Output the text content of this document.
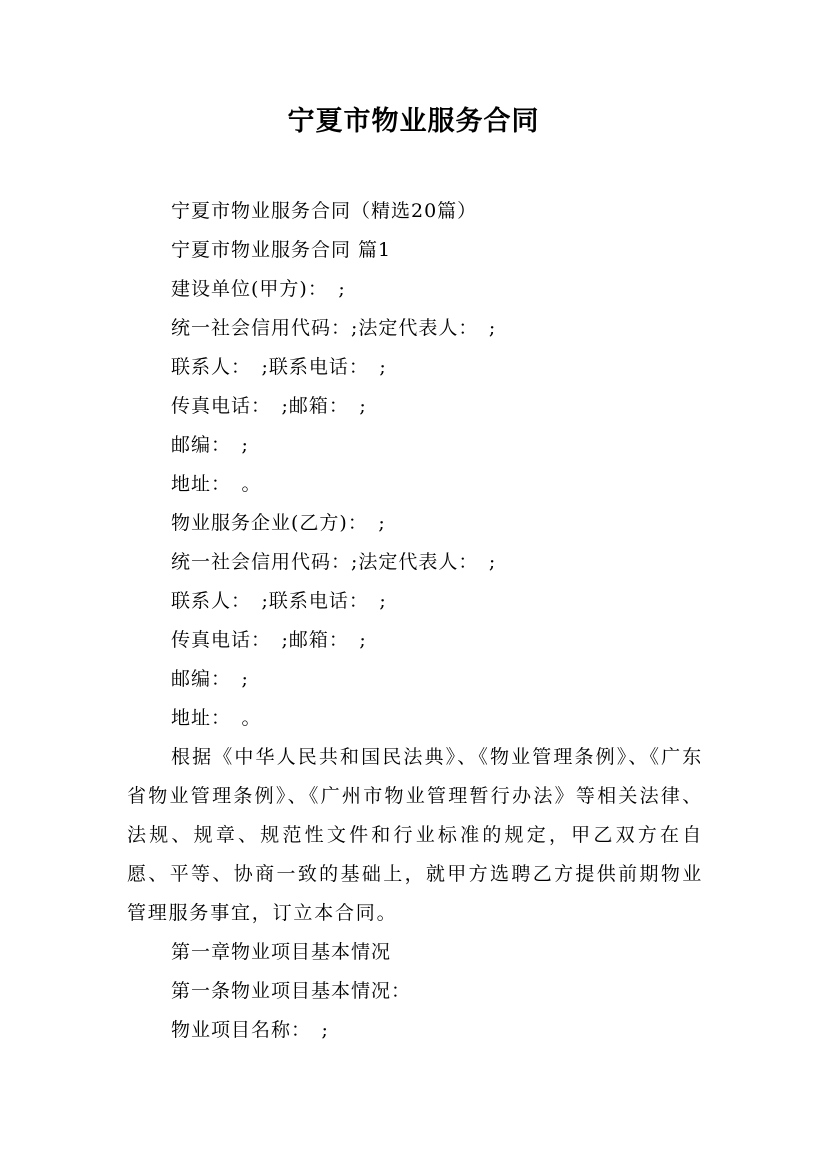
宁夏市物业服务合同

宁夏市物业服务合同（精选20篇）

宁夏市物业服务合同 篇1

建设单位(甲方)：　;

统一社会信用代码：;法定代表人：　;

联系人：　;联系电话：　;

传真电话：　;邮箱：　;

邮编：　;

地址：　。

物业服务企业(乙方)：　;

统一社会信用代码：;法定代表人：　;

联系人：　;联系电话：　;

传真电话：　;邮箱：　;

邮编：　;

地址：　。

根据《中华人民共和国民法典》、《物业管理条例》、《广东省物业管理条例》、《广州市物业管理暂行办法》等相关法律、法规、规章、规范性文件和行业标准的规定，甲乙双方在自愿、平等、协商一致的基础上，就甲方选聘乙方提供前期物业管理服务事宜，订立本合同。

第一章物业项目基本情况

第一条物业项目基本情况：

物业项目名称：　;
